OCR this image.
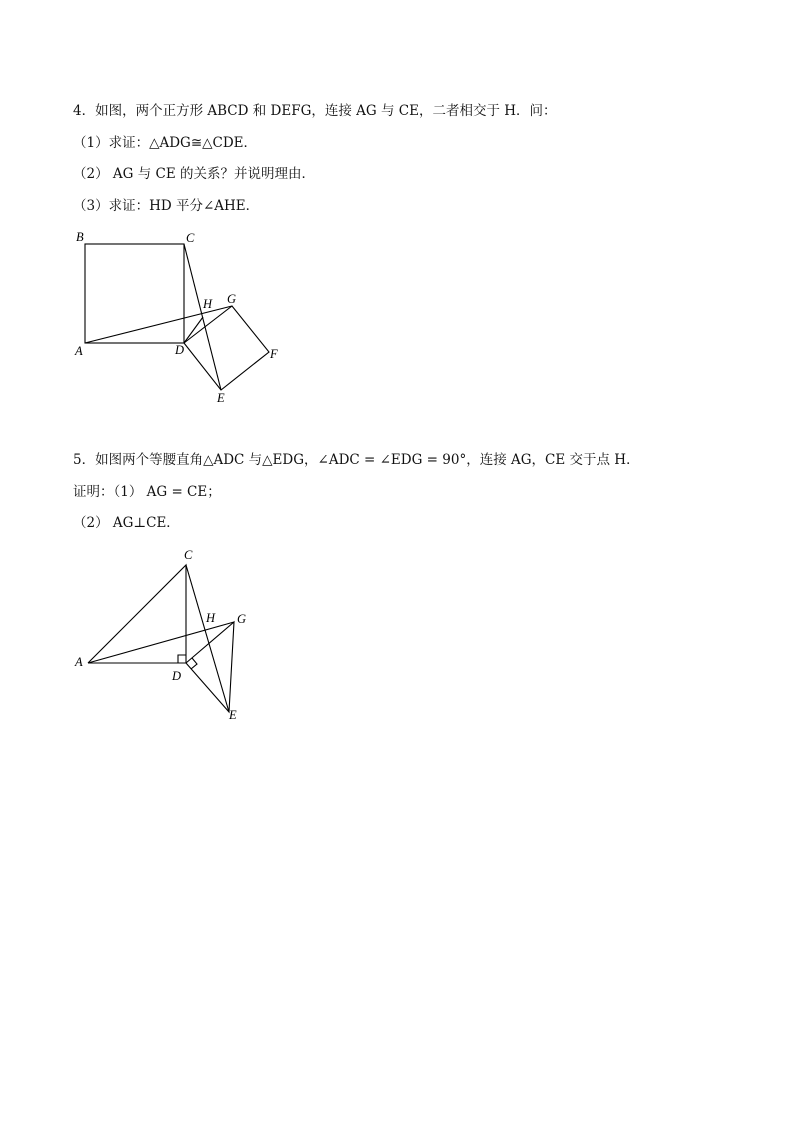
4．如图，两个正方形 ABCD 和 DEFG，连接 AG 与 CE，二者相交于 H．问：
（1）求证：△ADG≅△CDE．
（2） AG 与 CE 的关系？并说明理由．
（3）求证：HD 平分∠AHE．
B	C
A	D
H G
F
E
5．如图两个等腰直角△ADC 与△EDG，∠ADC = ∠EDG = 90°，连接 AG，CE 交于点 H．
证明：（1） AG = CE；
（2） AG⊥CE．
C
A
D
H G
E
